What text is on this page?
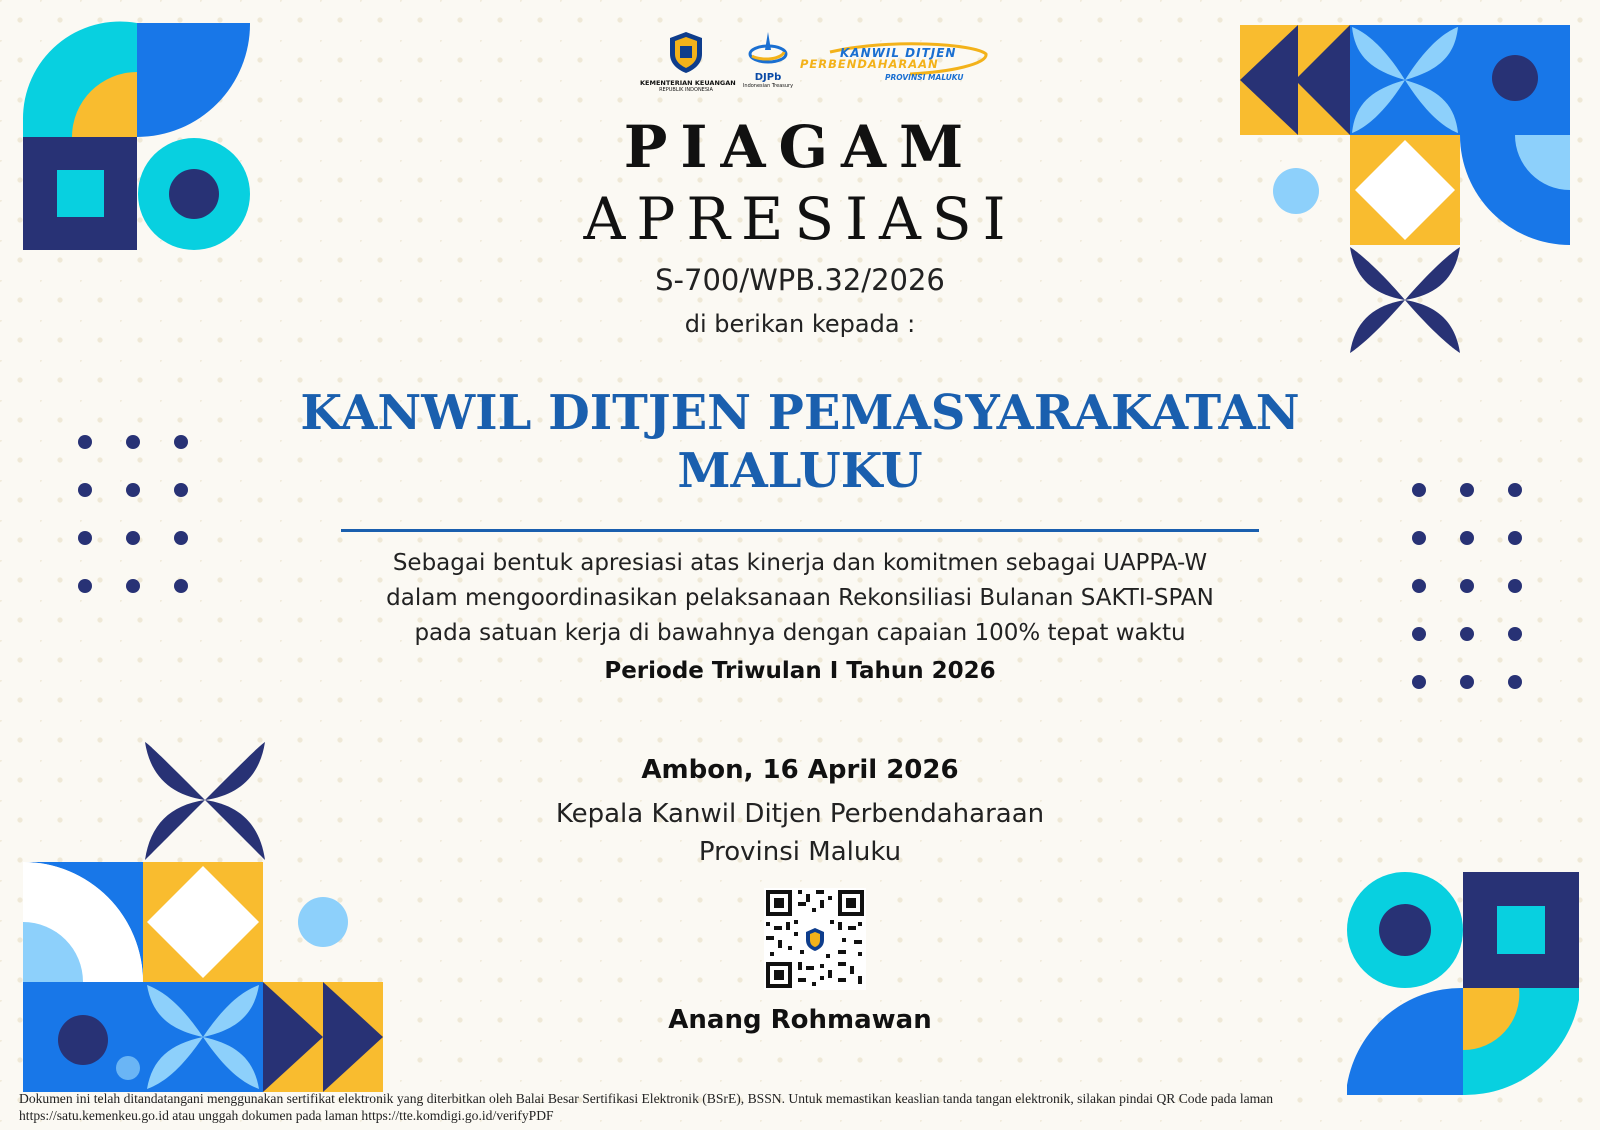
KEMENTERIAN KEUANGAN
REPUBLIK INDONESIA
DJPb
Indonesian Treasury
KANWIL DITJEN
PERBENDAHARAAN
PROVINSI MALUKU
PIAGAM
APRESIASI
S-700/WPB.32/2026
di berikan kepada :
KANWIL DITJEN PEMASYARAKATAN
MALUKU
Sebagai bentuk apresiasi atas kinerja dan komitmen sebagai UAPPA-W
dalam mengoordinasikan pelaksanaan Rekonsiliasi Bulanan SAKTI-SPAN
pada satuan kerja di bawahnya dengan capaian 100% tepat waktu
Periode Triwulan I Tahun 2026
Ambon, 16 April 2026
Kepala Kanwil Ditjen Perbendaharaan
Provinsi Maluku
Anang Rohmawan
Dokumen ini telah ditandatangani menggunakan sertifikat elektronik yang diterbitkan oleh Balai Besar Sertifikasi Elektronik (BSrE), BSSN. Untuk memastikan keaslian tanda tangan elektronik, silakan pindai QR Code pada laman
https://satu.kemenkeu.go.id atau unggah dokumen pada laman https://tte.komdigi.go.id/verifyPDF
